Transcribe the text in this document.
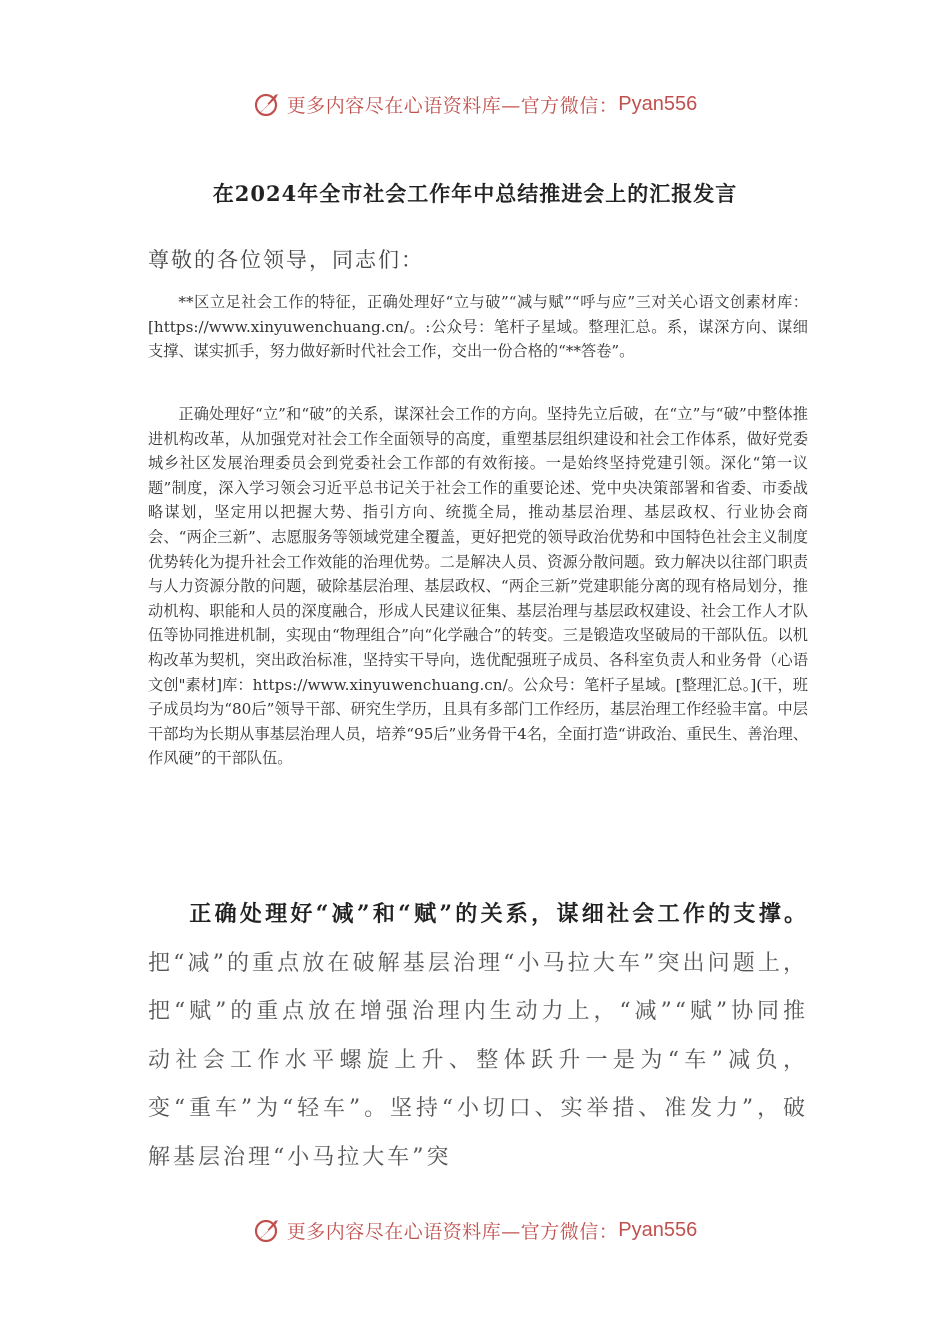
更多内容尽在心语资料库—官方微信： Pyan556
在2024年全市社会工作年中总结推进会上的汇报发言
尊敬的各位领导，同志们：

**区立足社会工作的特征，正确处理好“立与破”“减与赋”“呼与应”三对关心语文创素材库：[https://www.xinyuwenchuang.cn/。:公众号：笔杆子星域。整理汇总。系，谋深方向、谋细支撑、谋实抓手，努力做好新时代社会工作，交出一份合格的“**答卷”。

正确处理好“立”和“破”的关系，谋深社会工作的方向。坚持先立后破，在“立”与“破”中整体推进机构改革，从加强党对社会工作全面领导的高度，重塑基层组织建设和社会工作体系，做好党委城乡社区发展治理委员会到党委社会工作部的有效衔接。一是始终坚持党建引领。深化“第一议题”制度，深入学习领会习近平总书记关于社会工作的重要论述、党中央决策部署和省委、市委战略谋划，坚定用以把握大势、指引方向、统揽全局，推动基层治理、基层政权、行业协会商会、“两企三新”、志愿服务等领域党建全覆盖，更好把党的领导政治优势和中国特色社会主义制度优势转化为提升社会工作效能的治理优势。二是解决人员、资源分散问题。致力解决以往部门职责与人力资源分散的问题，破除基层治理、基层政权、“两企三新”党建职能分离的现有格局划分，推动机构、职能和人员的深度融合，形成人民建议征集、基层治理与基层政权建设、社会工作人才队伍等协同推进机制，实现由“物理组合”向“化学融合”的转变。三是锻造攻坚破局的干部队伍。以机构改革为契机，突出政治标准，坚持实干导向，选优配强班子成员、各科室负责人和业务骨（心语文创"素材]库：https://www.xinyuwenchuang.cn/。公众号：笔杆子星域。[整理汇总。](干，班子成员均为“80后”领导干部、研究生学历，且具有多部门工作经历，基层治理工作经验丰富。中层干部均为长期从事基层治理人员，培养“95后”业务骨干4名，全面打造“讲政治、重民生、善治理、作风硬”的干部队伍。

正确处理好“减”和“赋”的关系，谋细社会工作的支撑。把“减”的重点放在破解基层治理“小马拉大车”突出问题上，把“赋”的重点放在增强治理内生动力上，“减”“赋”协同推动社会工作水平螺旋上升、整体跃升一是为“车”减负，变“重车”为“轻车”。坚持“小切口、实举措、准发力”，破解基层治理“小马拉大车”突

更多内容尽在心语资料库—官方微信： Pyan556
